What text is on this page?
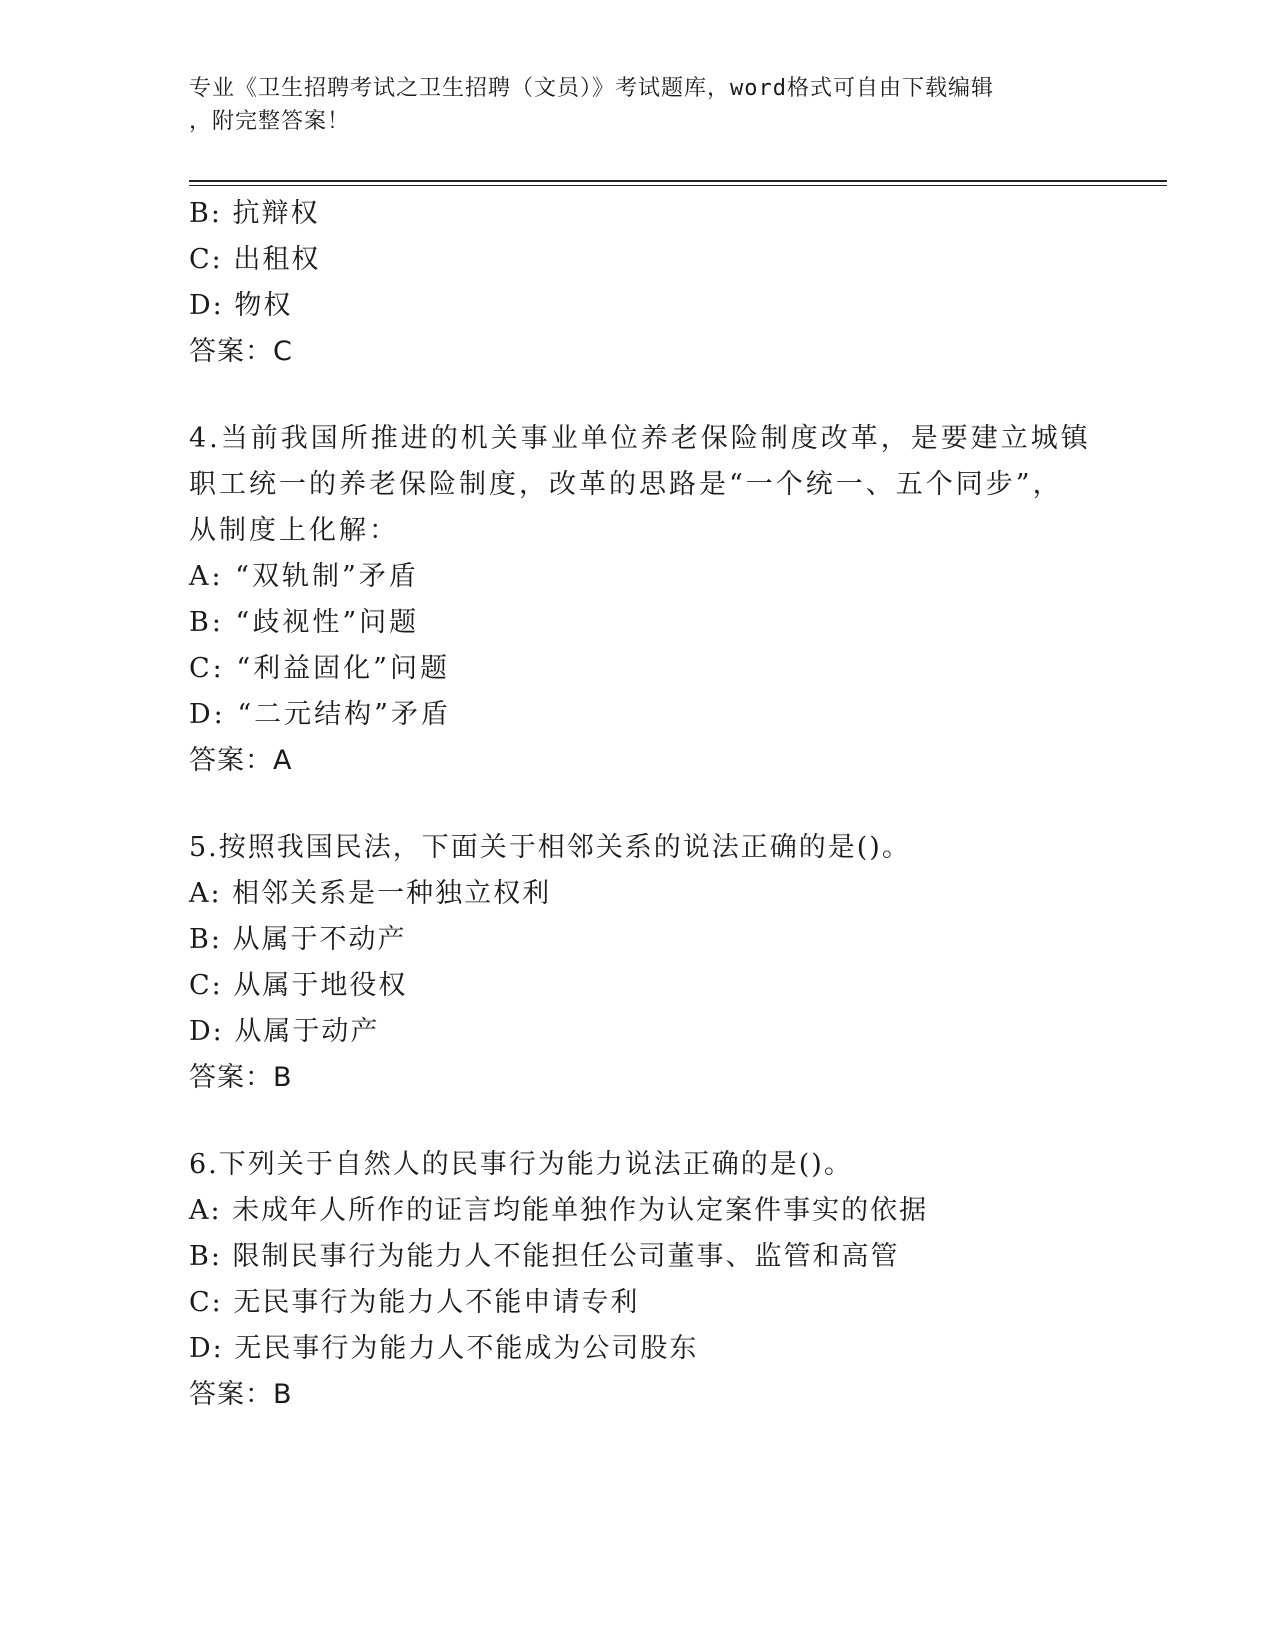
专业《卫生招聘考试之卫生招聘（文员）》考试题库，word格式可自由下载编辑
，附完整答案！
B: 抗辩权
C: 出租权
D: 物权
答案：C
4.当前我国所推进的机关事业单位养老保险制度改革，是要建立城镇
职工统一的养老保险制度，改革的思路是“一个统一、五个同步”，
从制度上化解：
A: “双轨制”矛盾
B: “歧视性”问题
C: “利益固化”问题
D: “二元结构”矛盾
答案：A
5.按照我国民法，下面关于相邻关系的说法正确的是()。
A: 相邻关系是一种独立权利
B: 从属于不动产
C: 从属于地役权
D: 从属于动产
答案：B
6.下列关于自然人的民事行为能力说法正确的是()。
A: 未成年人所作的证言均能单独作为认定案件事实的依据
B: 限制民事行为能力人不能担任公司董事、监管和高管
C: 无民事行为能力人不能申请专利
D: 无民事行为能力人不能成为公司股东
答案：B
